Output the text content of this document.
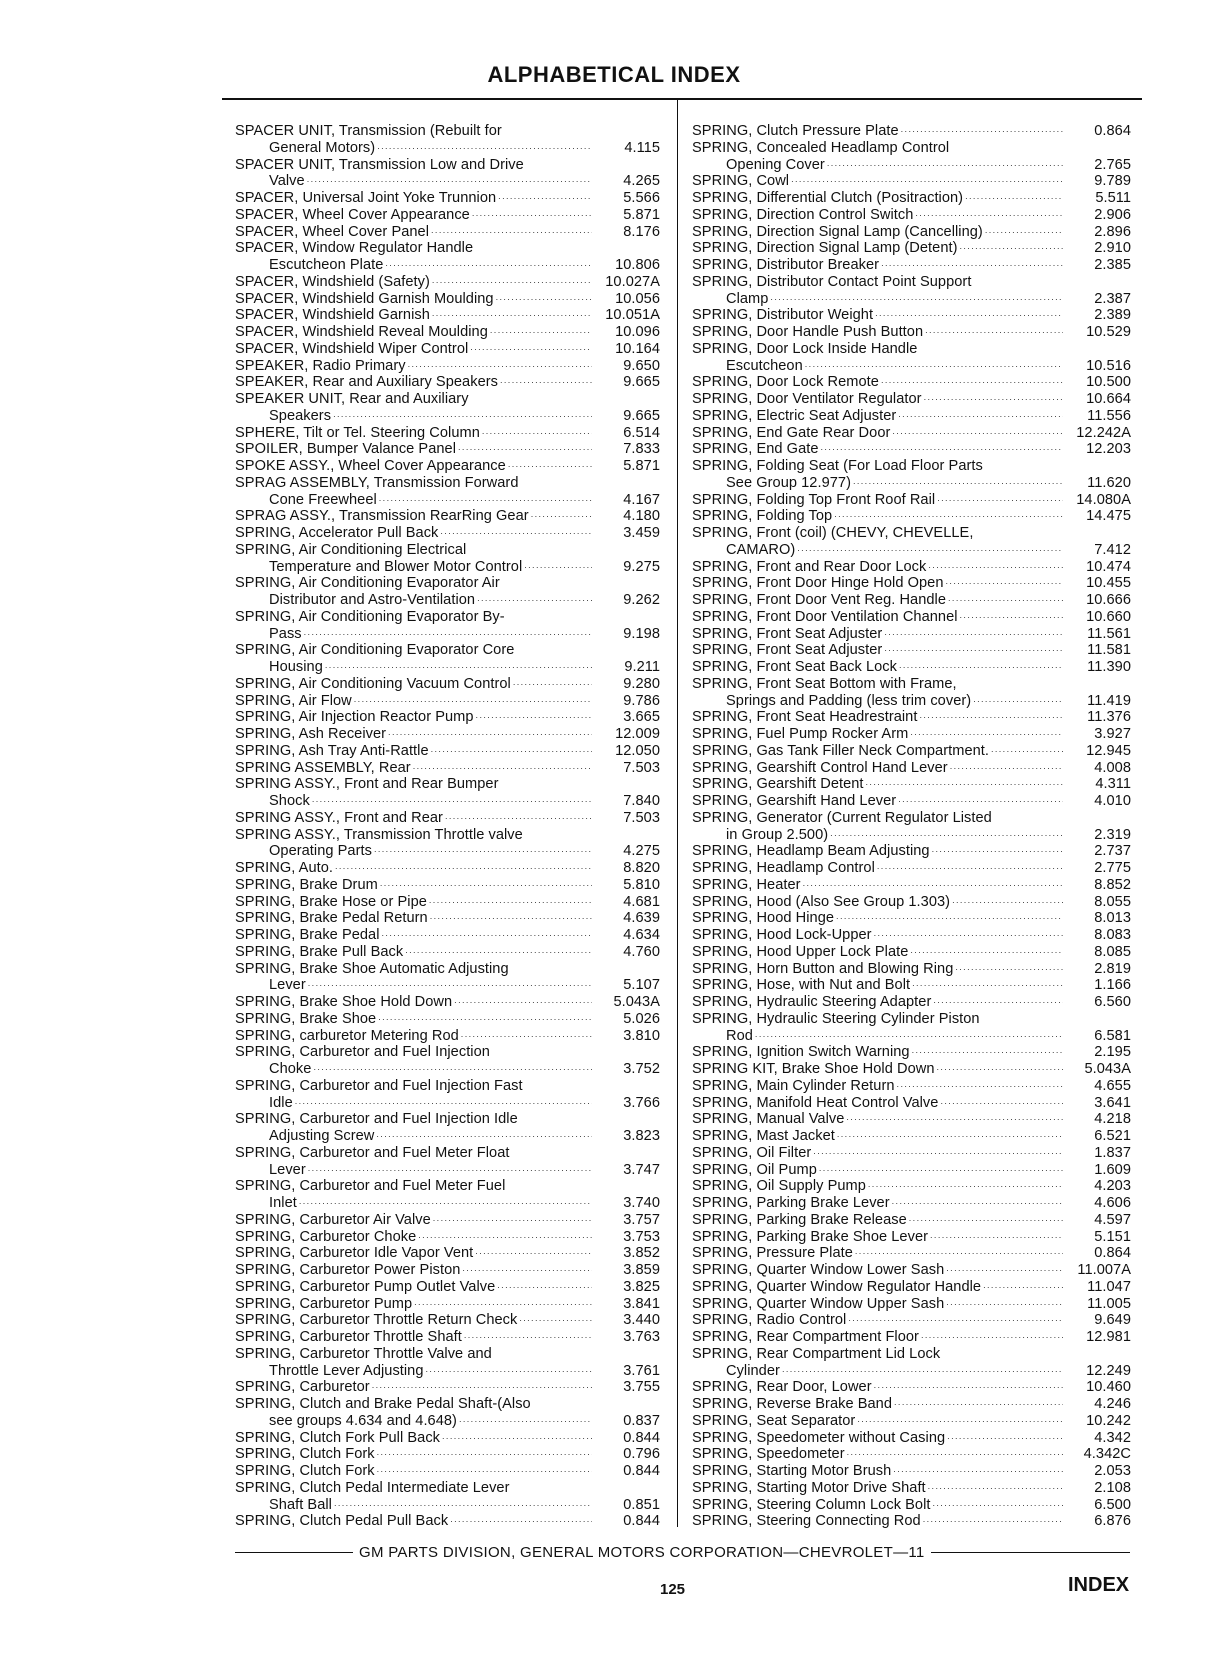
ALPHABETICAL INDEX
SPACER UNIT, Transmission (Rebuilt for
General Motors) .....	4.115
SPACER UNIT, Transmission Low and Drive
Valve .....	4.265
SPACER, Universal Joint Yoke Trunnion .....	5.566
SPACER, Wheel Cover Appearance .....	5.871
SPACER, Wheel Cover Panel .....	8.176
SPACER, Window Regulator Handle
Escutcheon Plate .....	10.806
SPACER, Windshield (Safety) .....	10.027A
SPACER, Windshield Garnish Moulding .....	10.056
SPACER, Windshield Garnish .....	10.051A
SPACER, Windshield Reveal Moulding .....	10.096
SPACER, Windshield Wiper Control .....	10.164
SPEAKER, Radio Primary .....	9.650
SPEAKER, Rear and Auxiliary Speakers .....	9.665
SPEAKER UNIT, Rear and Auxiliary
Speakers .....	9.665
SPHERE, Tilt or Tel. Steering Column .....	6.514
SPOILER, Bumper Valance Panel .....	7.833
SPOKE ASSY., Wheel Cover Appearance .....	5.871
SPRAG ASSEMBLY, Transmission Forward
Cone Freewheel .....	4.167
SPRAG ASSY., Transmission RearRing Gear .....	4.180
SPRING, Accelerator Pull Back .....	3.459
SPRING, Air Conditioning Electrical
Temperature and Blower Motor Control .....	9.275
SPRING, Air Conditioning Evaporator Air
Distributor and Astro-Ventilation .....	9.262
SPRING, Air Conditioning Evaporator By-
Pass .....	9.198
SPRING, Air Conditioning Evaporator Core
Housing .....	9.211
SPRING, Air Conditioning Vacuum Control .....	9.280
SPRING, Air Flow .....	9.786
SPRING, Air Injection Reactor Pump .....	3.665
SPRING, Ash Receiver .....	12.009
SPRING, Ash Tray Anti-Rattle .....	12.050
SPRING ASSEMBLY, Rear .....	7.503
SPRING ASSY., Front and Rear Bumper
Shock .....	7.840
SPRING ASSY., Front and Rear .....	7.503
SPRING ASSY., Transmission Throttle valve
Operating Parts .....	4.275
SPRING, Auto. .....	8.820
SPRING, Brake Drum .....	5.810
SPRING, Brake Hose or Pipe .....	4.681
SPRING, Brake Pedal Return .....	4.639
SPRING, Brake Pedal .....	4.634
SPRING, Brake Pull Back .....	4.760
SPRING, Brake Shoe Automatic Adjusting
Lever .....	5.107
SPRING, Brake Shoe Hold Down .....	5.043A
SPRING, Brake Shoe .....	5.026
SPRING, carburetor Metering Rod .....	3.810
SPRING, Carburetor and Fuel Injection
Choke .....	3.752
SPRING, Carburetor and Fuel Injection Fast
Idle .....	3.766
SPRING, Carburetor and Fuel Injection Idle
Adjusting Screw .....	3.823
SPRING, Carburetor and Fuel Meter Float
Lever .....	3.747
SPRING, Carburetor and Fuel Meter Fuel
Inlet .....	3.740
SPRING, Carburetor Air Valve .....	3.757
SPRING, Carburetor Choke .....	3.753
SPRING, Carburetor Idle Vapor Vent .....	3.852
SPRING, Carburetor Power Piston .....	3.859
SPRING, Carburetor Pump Outlet Valve .....	3.825
SPRING, Carburetor Pump .....	3.841
SPRING, Carburetor Throttle Return Check .....	3.440
SPRING, Carburetor Throttle Shaft .....	3.763
SPRING, Carburetor Throttle Valve and
Throttle Lever Adjusting .....	3.761
SPRING, Carburetor .....	3.755
SPRING, Clutch and Brake Pedal Shaft-(Also
see groups 4.634 and 4.648) .....	0.837
SPRING, Clutch Fork Pull Back .....	0.844
SPRING, Clutch Fork .....	0.796
SPRING, Clutch Fork .....	0.844
SPRING, Clutch Pedal Intermediate Lever
Shaft Ball .....	0.851
SPRING, Clutch Pedal Pull Back .....	0.844
SPRING, Clutch Pressure Plate .....	0.864
SPRING, Concealed Headlamp Control
Opening Cover .....	2.765
SPRING, Cowl .....	9.789
SPRING, Differential Clutch (Positraction) .....	5.511
SPRING, Direction Control Switch .....	2.906
SPRING, Direction Signal Lamp (Cancelling) .....	2.896
SPRING, Direction Signal Lamp (Detent) .....	2.910
SPRING, Distributor Breaker .....	2.385
SPRING, Distributor Contact Point Support
Clamp .....	2.387
SPRING, Distributor Weight .....	2.389
SPRING, Door Handle Push Button .....	10.529
SPRING, Door Lock Inside Handle
Escutcheon .....	10.516
SPRING, Door Lock Remote .....	10.500
SPRING, Door Ventilator Regulator .....	10.664
SPRING, Electric Seat Adjuster .....	11.556
SPRING, End Gate Rear Door .....	12.242A
SPRING, End Gate .....	12.203
SPRING, Folding Seat (For Load Floor Parts
See Group 12.977) .....	11.620
SPRING, Folding Top Front Roof Rail .....	14.080A
SPRING, Folding Top .....	14.475
SPRING, Front (coil) (CHEVY, CHEVELLE,
CAMARO) .....	7.412
SPRING, Front and Rear Door Lock .....	10.474
SPRING, Front Door Hinge Hold Open .....	10.455
SPRING, Front Door Vent Reg. Handle .....	10.666
SPRING, Front Door Ventilation Channel .....	10.660
SPRING, Front Seat Adjuster .....	11.561
SPRING, Front Seat Adjuster .....	11.581
SPRING, Front Seat Back Lock .....	11.390
SPRING, Front Seat Bottom with Frame,
Springs and Padding (less trim cover) .....	11.419
SPRING, Front Seat Headrestraint .....	11.376
SPRING, Fuel Pump Rocker Arm .....	3.927
SPRING, Gas Tank Filler Neck Compartment. .....	12.945
SPRING, Gearshift Control Hand Lever .....	4.008
SPRING, Gearshift Detent .....	4.311
SPRING, Gearshift Hand Lever .....	4.010
SPRING, Generator (Current Regulator Listed
in Group 2.500) .....	2.319
SPRING, Headlamp Beam Adjusting .....	2.737
SPRING, Headlamp Control .....	2.775
SPRING, Heater .....	8.852
SPRING, Hood (Also See Group 1.303) .....	8.055
SPRING, Hood Hinge .....	8.013
SPRING, Hood Lock-Upper .....	8.083
SPRING, Hood Upper Lock Plate .....	8.085
SPRING, Horn Button and Blowing Ring .....	2.819
SPRING, Hose, with Nut and Bolt .....	1.166
SPRING, Hydraulic Steering Adapter .....	6.560
SPRING, Hydraulic Steering Cylinder Piston
Rod .....	6.581
SPRING, Ignition Switch Warning .....	2.195
SPRING KIT, Brake Shoe Hold Down .....	5.043A
SPRING, Main Cylinder Return .....	4.655
SPRING, Manifold Heat Control Valve .....	3.641
SPRING, Manual Valve .....	4.218
SPRING, Mast Jacket .....	6.521
SPRING, Oil Filter .....	1.837
SPRING, Oil Pump .....	1.609
SPRING, Oil Supply Pump .....	4.203
SPRING, Parking Brake Lever .....	4.606
SPRING, Parking Brake Release .....	4.597
SPRING, Parking Brake Shoe Lever .....	5.151
SPRING, Pressure Plate .....	0.864
SPRING, Quarter Window Lower Sash .....	11.007A
SPRING, Quarter Window Regulator Handle .....	11.047
SPRING, Quarter Window Upper Sash .....	11.005
SPRING, Radio Control .....	9.649
SPRING, Rear Compartment Floor .....	12.981
SPRING, Rear Compartment Lid Lock
Cylinder .....	12.249
SPRING, Rear Door, Lower .....	10.460
SPRING, Reverse Brake Band .....	4.246
SPRING, Seat Separator .....	10.242
SPRING, Speedometer without Casing .....	4.342
SPRING, Speedometer .....	4.342C
SPRING, Starting Motor Brush .....	2.053
SPRING, Starting Motor Drive Shaft .....	2.108
SPRING, Steering Column Lock Bolt .....	6.500
SPRING, Steering Connecting Rod .....	6.876
GM PARTS DIVISION, GENERAL MOTORS CORPORATION—CHEVROLET—11
125	INDEX
